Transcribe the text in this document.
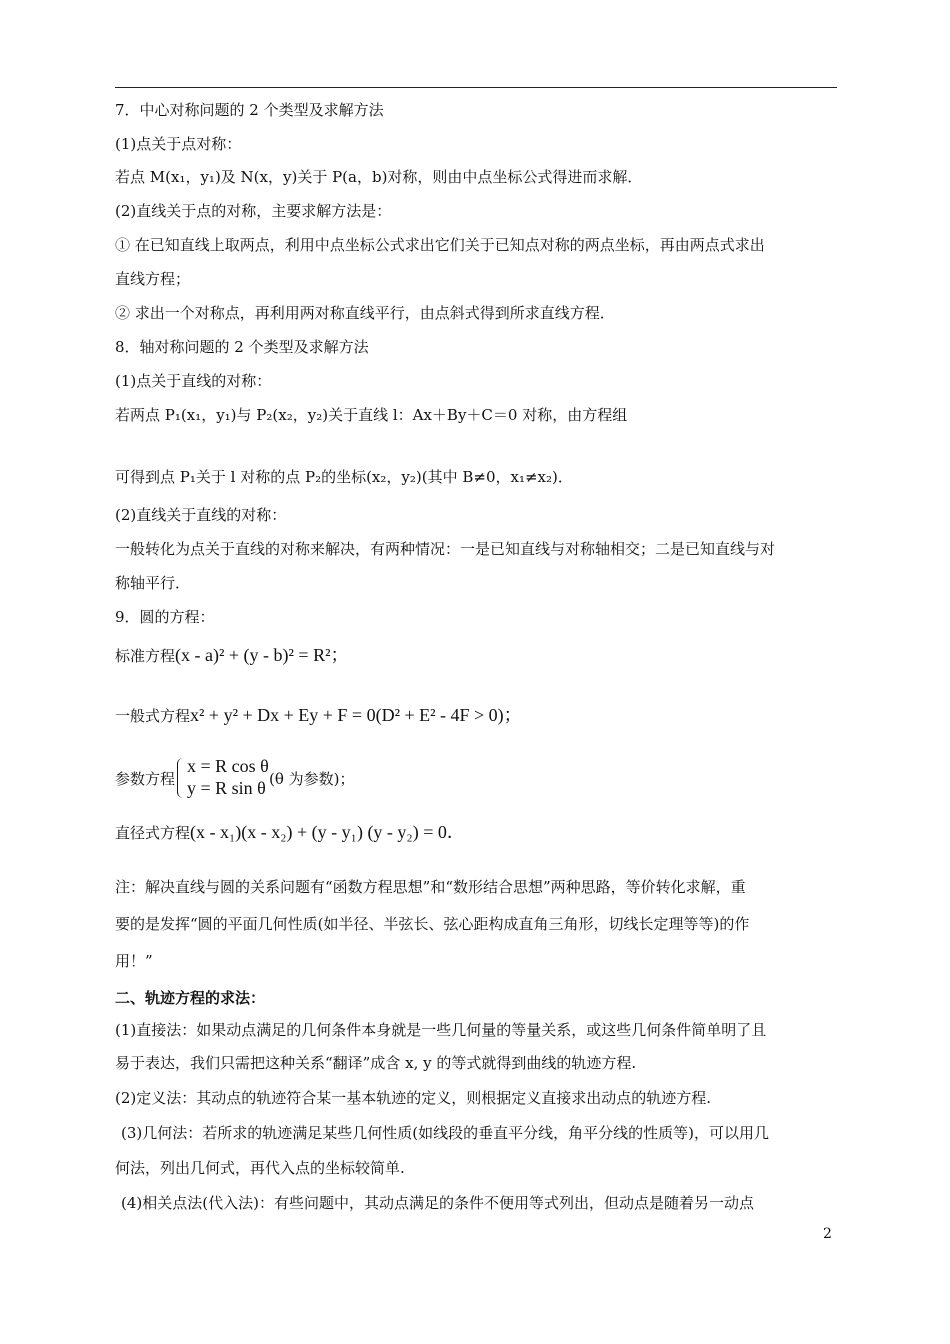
7．中心对称问题的 2 个类型及求解方法
(1)点关于点对称：
若点 M(x₁，y₁)及 N(x，y)关于 P(a，b)对称，则由中点坐标公式得进而求解．
(2)直线关于点的对称，主要求解方法是：
① 在已知直线上取两点，利用中点坐标公式求出它们关于已知点对称的两点坐标，再由两点式求出
直线方程；
② 求出一个对称点，再利用两对称直线平行，由点斜式得到所求直线方程．
8．轴对称问题的 2 个类型及求解方法
(1)点关于直线的对称：
若两点 P₁(x₁，y₁)与 P₂(x₂，y₂)关于直线 l：Ax＋By＋C＝0 对称，由方程组
可得到点 P₁关于 l 对称的点 P₂的坐标(x₂，y₂)(其中 B≠0，x₁≠x₂)．
(2)直线关于直线的对称：
一般转化为点关于直线的对称来解决，有两种情况：一是已知直线与对称轴相交；二是已知直线与对
称轴平行．
9．圆的方程：
标准方程(x - a)² + (y - b)² = R²；
一般式方程x² + y² + Dx + Ey + F = 0(D² + E² - 4F > 0)；
参数方程
x = R cos θ
y = R sin θ (θ 为参数)；
直径式方程(x - x₁)(x - x₂) + (y - y₁) (y - y₂) = 0．
注：解决直线与圆的关系问题有“函数方程思想”和“数形结合思想”两种思路，等价转化求解，重
要的是发挥“圆的平面几何性质(如半径、半弦长、弦心距构成直角三角形，切线长定理等等)的作
用！”
二、轨迹方程的求法：
(1)直接法：如果动点满足的几何条件本身就是一些几何量的等量关系，或这些几何条件简单明了且
易于表达，我们只需把这种关系“翻译”成含 x, y 的等式就得到曲线的轨迹方程.
(2)定义法：其动点的轨迹符合某一基本轨迹的定义，则根据定义直接求出动点的轨迹方程.
(3)几何法：若所求的轨迹满足某些几何性质(如线段的垂直平分线，角平分线的性质等)，可以用几
何法，列出几何式，再代入点的坐标较简单.
(4)相关点法(代入法)：有些问题中，其动点满足的条件不便用等式列出，但动点是随着另一动点
2
